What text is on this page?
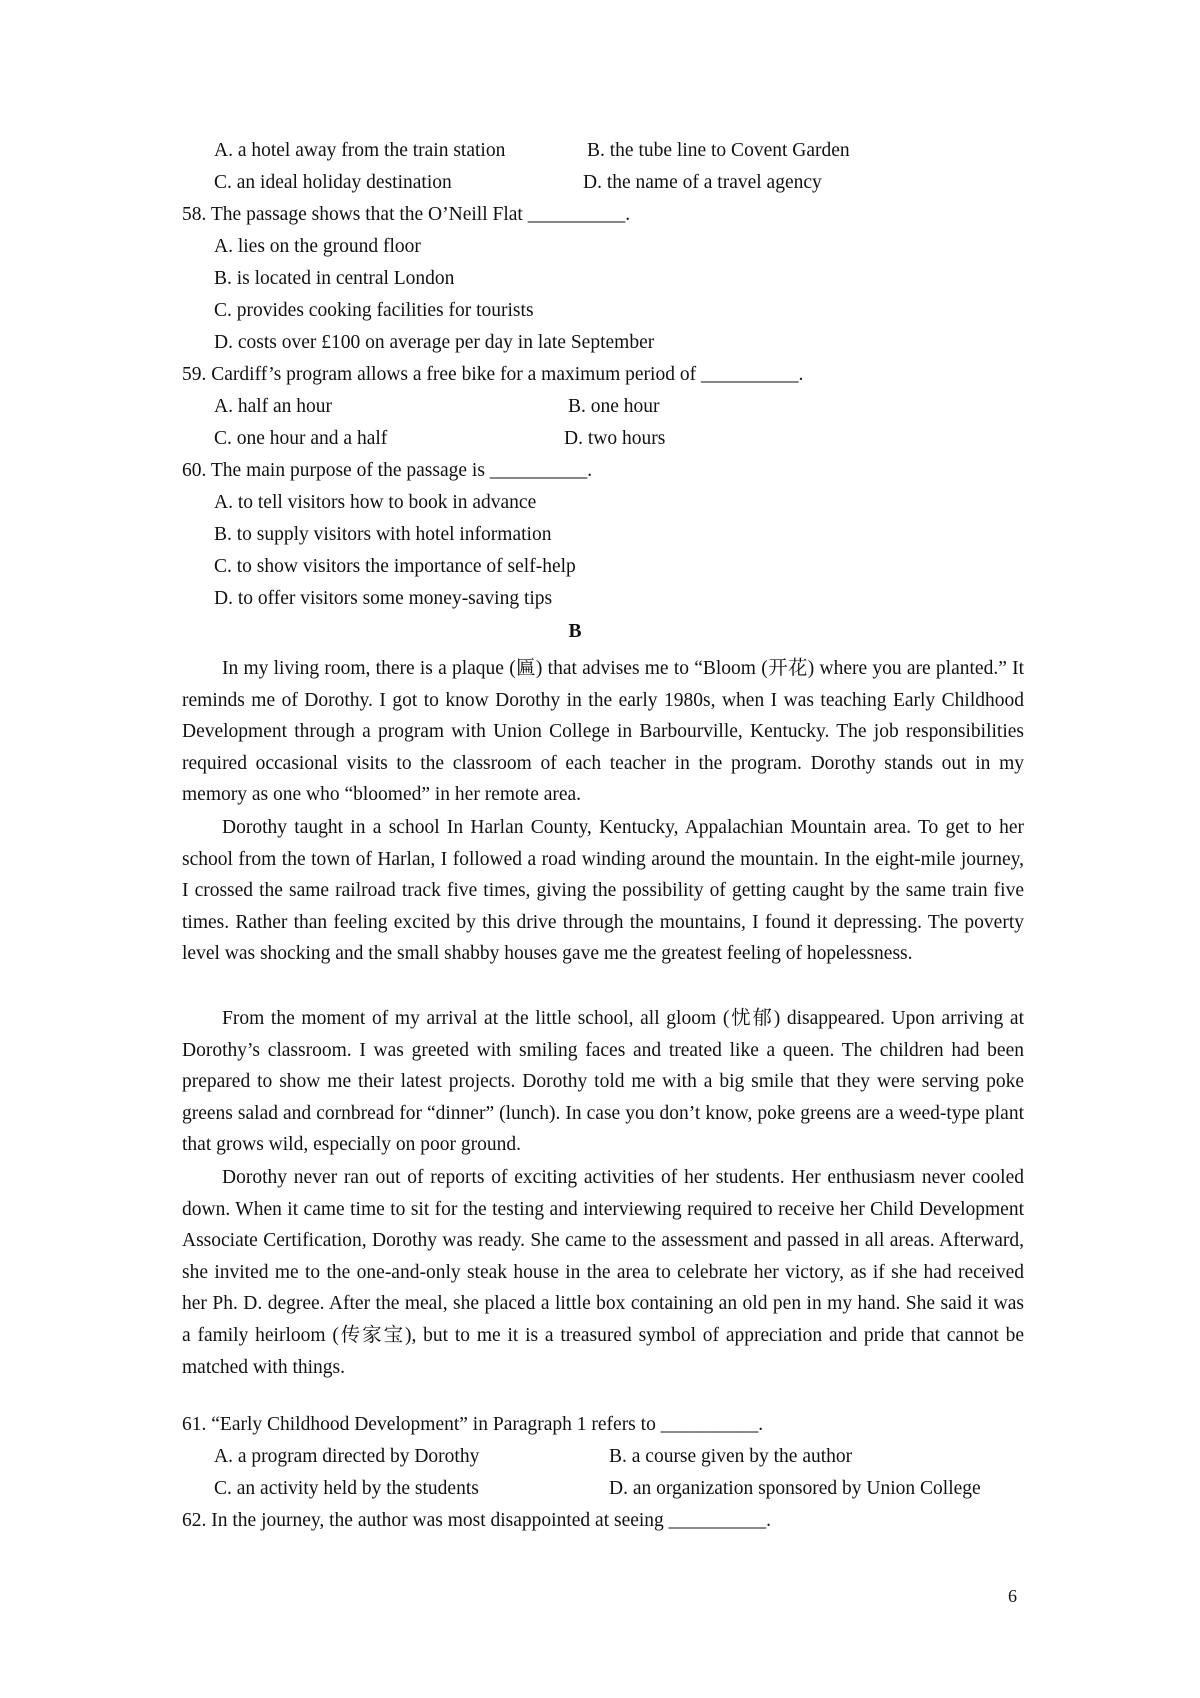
A. a hotel away from the train station	B. the tube line to Covent Garden
C. an ideal holiday destination	D. the name of a travel agency
58. The passage shows that the O’Neill Flat __________.
A. lies on the ground floor
B. is located in central London
C. provides cooking facilities for tourists
D. costs over £100 on average per day in late September
59. Cardiff’s program allows a free bike for a maximum period of __________.
A. half an hour	B. one hour
C. one hour and a half	D. two hours
60. The main purpose of the passage is __________.
A. to tell visitors how to book in advance
B. to supply visitors with hotel information
C. to show visitors the importance of self-help
D. to offer visitors some money-saving tips
B
In my living room, there is a plaque (匾) that advises me to “Bloom (开花) where you are planted.” It reminds me of Dorothy. I got to know Dorothy in the early 1980s, when I was teaching Early Childhood Development through a program with Union College in Barbourville, Kentucky. The job responsibilities required occasional visits to the classroom of each teacher in the program. Dorothy stands out in my memory as one who “bloomed” in her remote area.
Dorothy taught in a school In Harlan County, Kentucky, Appalachian Mountain area. To get to her school from the town of Harlan, I followed a road winding around the mountain. In the eight-mile journey, I crossed the same railroad track five times, giving the possibility of getting caught by the same train five times. Rather than feeling excited by this drive through the mountains, I found it depressing. The poverty level was shocking and the small shabby houses gave me the greatest feeling of hopelessness.
From the moment of my arrival at the little school, all gloom (忧郁) disappeared. Upon arriving at Dorothy’s classroom. I was greeted with smiling faces and treated like a queen. The children had been prepared to show me their latest projects. Dorothy told me with a big smile that they were serving poke greens salad and cornbread for “dinner” (lunch). In case you don’t know, poke greens are a weed-type plant that grows wild, especially on poor ground.
Dorothy never ran out of reports of exciting activities of her students. Her enthusiasm never cooled down. When it came time to sit for the testing and interviewing required to receive her Child Development Associate Certification, Dorothy was ready. She came to the assessment and passed in all areas. Afterward, she invited me to the one-and-only steak house in the area to celebrate her victory, as if she had received her Ph. D. degree. After the meal, she placed a little box containing an old pen in my hand. She said it was a family heirloom (传家宝), but to me it is a treasured symbol of appreciation and pride that cannot be matched with things.
61. “Early Childhood Development” in Paragraph 1 refers to __________.
A. a program directed by Dorothy	B. a course given by the author
C. an activity held by the students	D. an organization sponsored by Union College
62. In the journey, the author was most disappointed at seeing __________.
6
